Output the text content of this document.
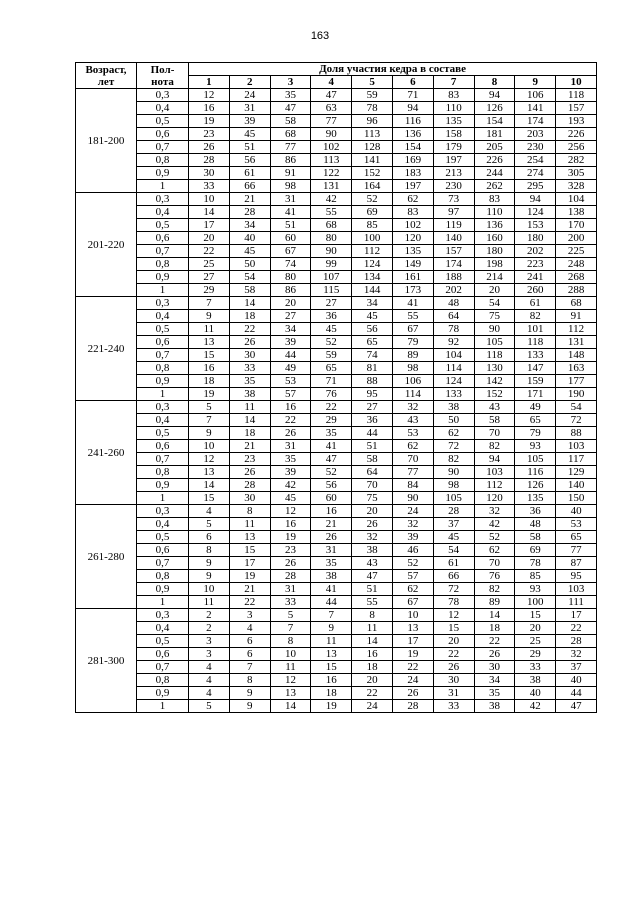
163
Возраст,
лет	Пол-
нота	Доля участия кедра в составе									
		1	2	3	4	5	6	7	8	9	10
181-200	0,3	12	24	35	47	59	71	83	94	106	118
	0,4	16	31	47	63	78	94	110	126	141	157
	0,5	19	39	58	77	96	116	135	154	174	193
	0,6	23	45	68	90	113	136	158	181	203	226
	0,7	26	51	77	102	128	154	179	205	230	256
	0,8	28	56	86	113	141	169	197	226	254	282
	0,9	30	61	91	122	152	183	213	244	274	305
	1	33	66	98	131	164	197	230	262	295	328
201-220	0,3	10	21	31	42	52	62	73	83	94	104
	0,4	14	28	41	55	69	83	97	110	124	138
	0,5	17	34	51	68	85	102	119	136	153	170
	0,6	20	40	60	80	100	120	140	160	180	200
	0,7	22	45	67	90	112	135	157	180	202	225
	0,8	25	50	74	99	124	149	174	198	223	248
	0,9	27	54	80	107	134	161	188	214	241	268
	1	29	58	86	115	144	173	202	20	260	288
221-240	0,3	7	14	20	27	34	41	48	54	61	68
	0,4	9	18	27	36	45	55	64	75	82	91
	0,5	11	22	34	45	56	67	78	90	101	112
	0,6	13	26	39	52	65	79	92	105	118	131
	0,7	15	30	44	59	74	89	104	118	133	148
	0,8	16	33	49	65	81	98	114	130	147	163
	0,9	18	35	53	71	88	106	124	142	159	177
	1	19	38	57	76	95	114	133	152	171	190
241-260	0,3	5	11	16	22	27	32	38	43	49	54
	0,4	7	14	22	29	36	43	50	58	65	72
	0,5	9	18	26	35	44	53	62	70	79	88
	0,6	10	21	31	41	51	62	72	82	93	103
	0,7	12	23	35	47	58	70	82	94	105	117
	0,8	13	26	39	52	64	77	90	103	116	129
	0,9	14	28	42	56	70	84	98	112	126	140
	1	15	30	45	60	75	90	105	120	135	150
261-280	0,3	4	8	12	16	20	24	28	32	36	40
	0,4	5	11	16	21	26	32	37	42	48	53
	0,5	6	13	19	26	32	39	45	52	58	65
	0,6	8	15	23	31	38	46	54	62	69	77
	0,7	9	17	26	35	43	52	61	70	78	87
	0,8	9	19	28	38	47	57	66	76	85	95
	0,9	10	21	31	41	51	62	72	82	93	103
	1	11	22	33	44	55	67	78	89	100	111
281-300	0,3	2	3	5	7	8	10	12	14	15	17
	0,4	2	4	7	9	11	13	15	18	20	22
	0,5	3	6	8	11	14	17	20	22	25	28
	0,6	3	6	10	13	16	19	22	26	29	32
	0,7	4	7	11	15	18	22	26	30	33	37
	0,8	4	8	12	16	20	24	30	34	38	40
	0,9	4	9	13	18	22	26	31	35	40	44
	1	5	9	14	19	24	28	33	38	42	47
